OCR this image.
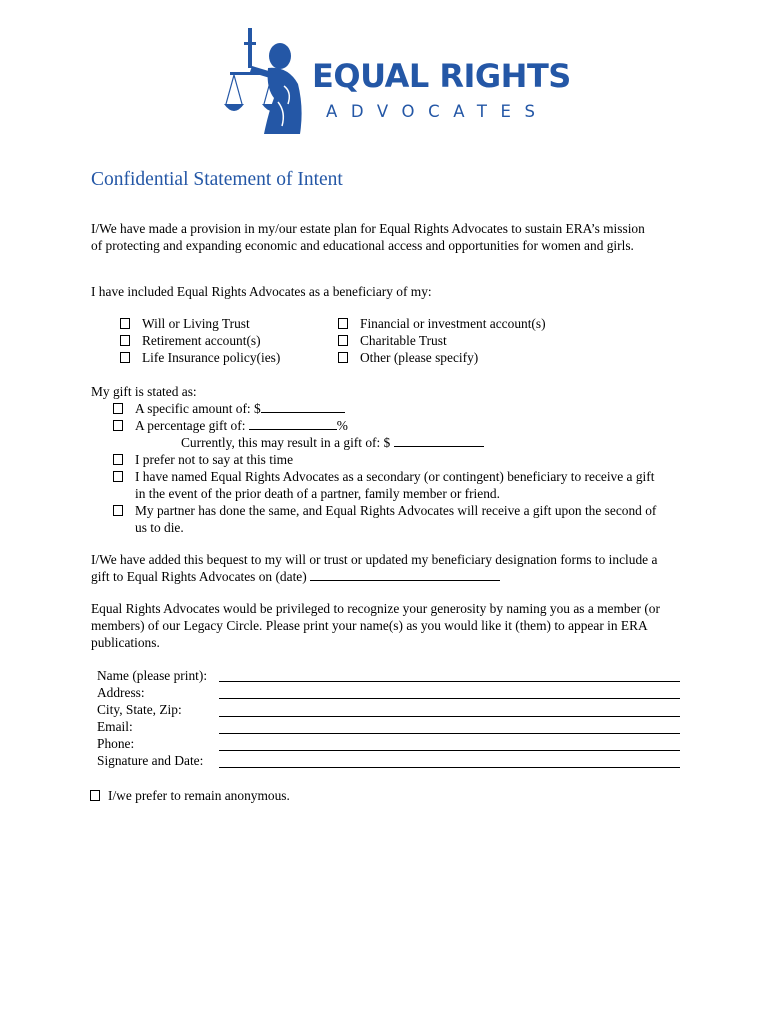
EQUAL RIGHTS
ADVOCATES
Confidential Statement of Intent
I/We have made a provision in my/our estate plan for Equal Rights Advocates to sustain ERA’s mission
of protecting and expanding economic and educational access and opportunities for women and girls.
I have included Equal Rights Advocates as a beneficiary of my:
Will or Living Trust
Retirement account(s)
Life Insurance policy(ies)
Financial or investment account(s)
Charitable Trust
Other (please specify)
My gift is stated as:
A specific amount of: $
A percentage gift of:	%
Currently, this may result in a gift of: $
I prefer not to say at this time
I have named Equal Rights Advocates as a secondary (or contingent) beneficiary to receive a gift
in the event of the prior death of a partner, family member or friend.
My partner has done the same, and Equal Rights Advocates will receive a gift upon the second of
us to die.
I/We have added this bequest to my will or trust or updated my beneficiary designation forms to include a
gift to Equal Rights Advocates on (date)
Equal Rights Advocates would be privileged to recognize your generosity by naming you as a member (or
members) of our Legacy Circle. Please print your name(s) as you would like it (them) to appear in ERA
publications.
Name (please print):
Address:
City, State, Zip:
Email:
Phone:
Signature and Date:
I/we prefer to remain anonymous.
